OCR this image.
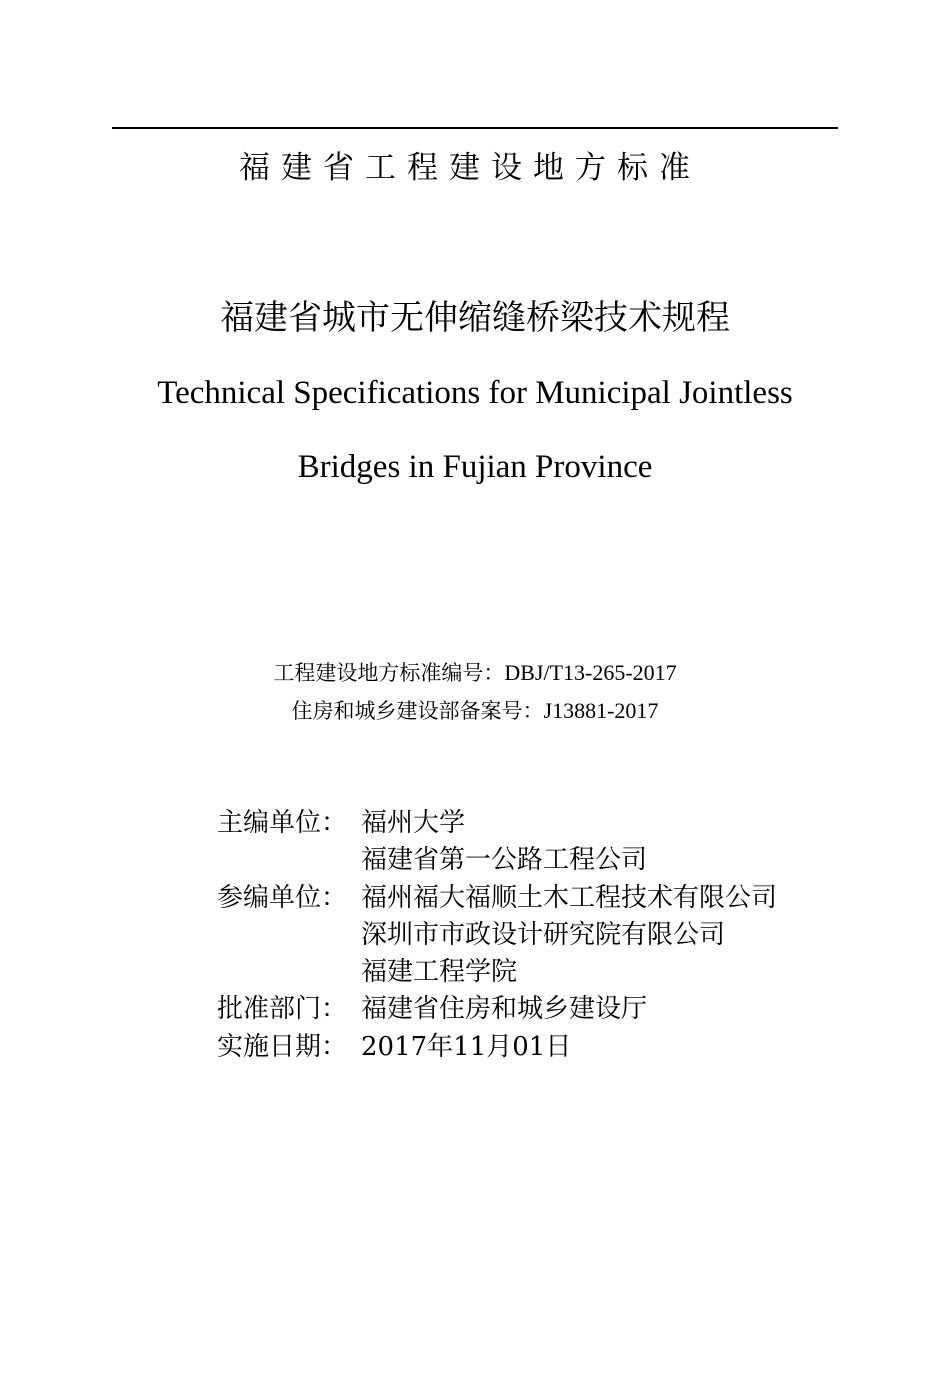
福建省工程建设地方标准
福建省城市无伸缩缝桥梁技术规程
Technical Specifications for Municipal Jointless
Bridges in Fujian Province
工程建设地方标准编号：DBJ/T13-265-2017
住房和城乡建设部备案号：J13881-2017
主编单位： 福州大学
福建省第一公路工程公司
参编单位： 福州福大福顺土木工程技术有限公司
深圳市市政设计研究院有限公司
福建工程学院
批准部门： 福建省住房和城乡建设厅
实施日期： 2017年11月01日
